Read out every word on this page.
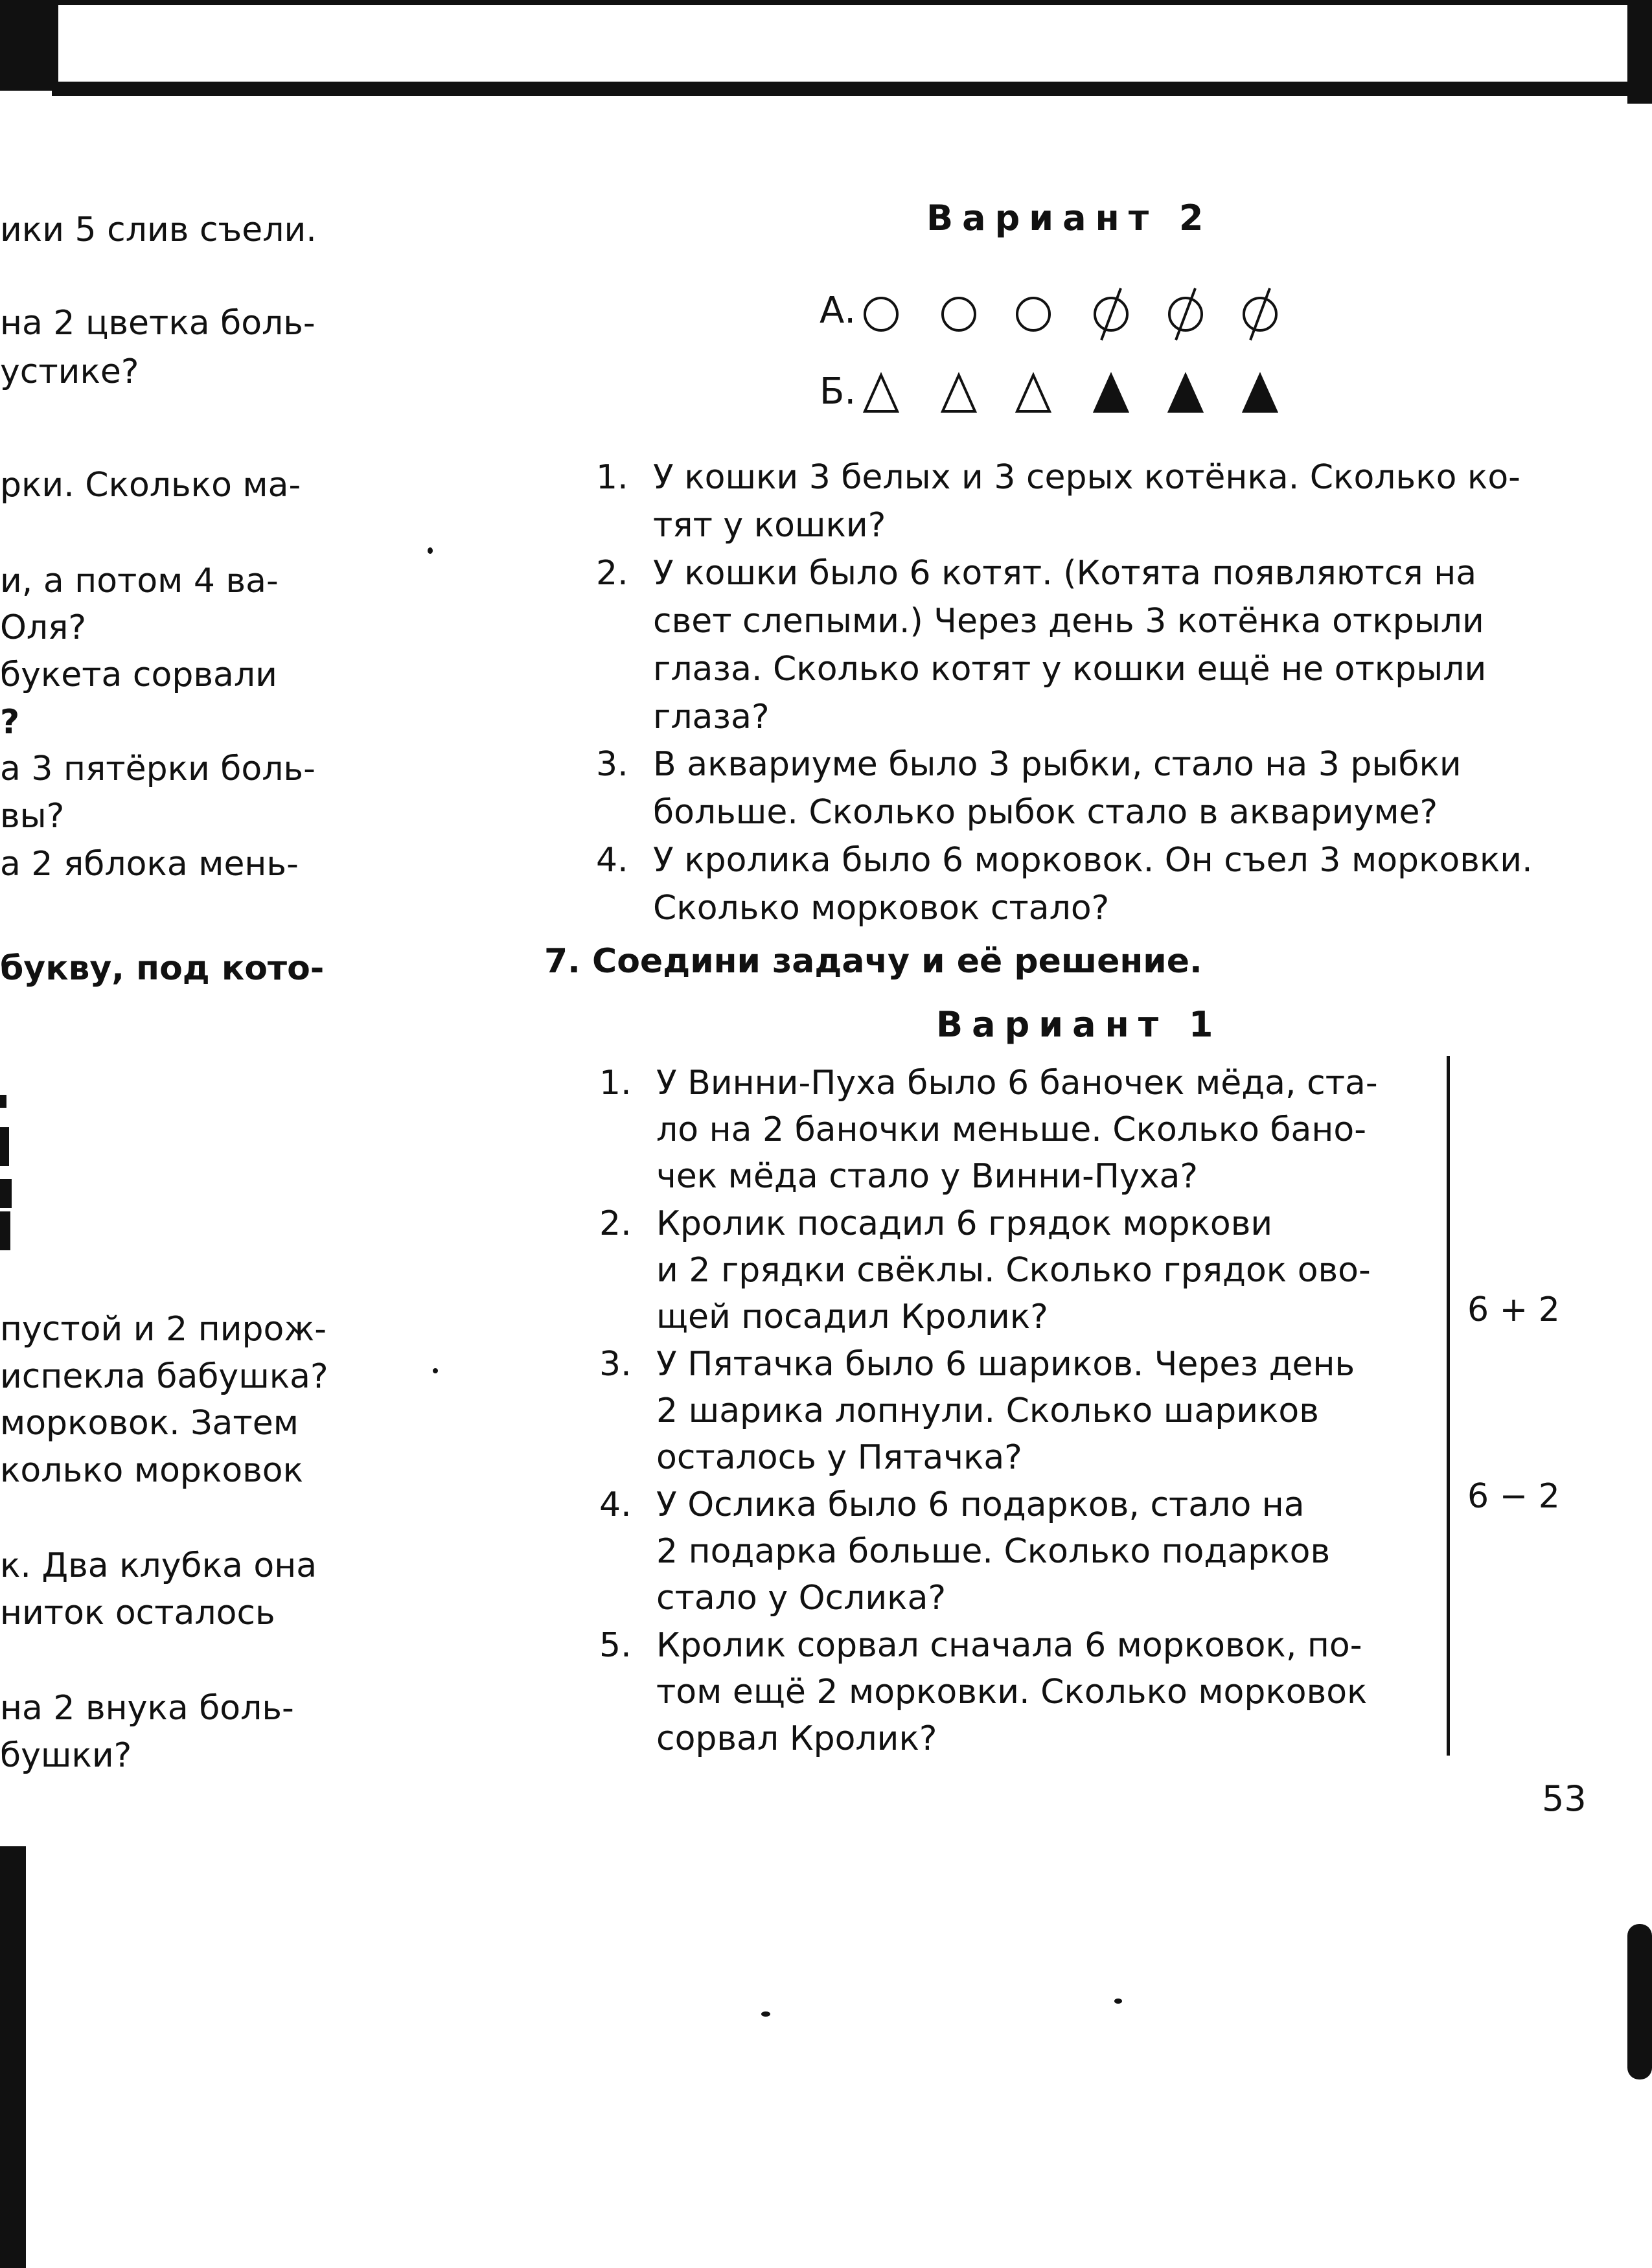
ики 5 слив съели.
на 2 цветка боль-
устике?
рки. Сколько ма-
и, а потом 4 ва-
Оля?
букета сорвали
?
а 3 пятёрки боль-
вы?
а 2 яблока мень-
букву, под кото-
пустой и 2 пирож-
испекла бабушка?
морковок. Затем
колько морковок
к. Два клубка она
ниток осталось
на 2 внука боль-
бушки?
Вариант 2
А.
Б.
1. У кошки 3 белых и 3 серых котёнка. Сколько ко-
тят у кошки?
2. У кошки было 6 котят. (Котята появляются на
свет слепыми.) Через день 3 котёнка открыли
глаза. Сколько котят у кошки ещё не открыли
глаза?
3. В аквариуме было 3 рыбки, стало на 3 рыбки
больше. Сколько рыбок стало в аквариуме?
4. У кролика было 6 морковок. Он съел 3 морковки.
Сколько морковок стало?
7. Соедини задачу и её решение.
Вариант 1
1. У Винни-Пуха было 6 баночек мёда, ста-
ло на 2 баночки меньше. Сколько бано-
чек мёда стало у Винни-Пуха?
2. Кролик посадил 6 грядок моркови
и 2 грядки свёклы. Сколько грядок ово-
щей посадил Кролик?
3. У Пятачка было 6 шариков. Через день
2 шарика лопнули. Сколько шариков
осталось у Пятачка?
4. У Ослика было 6 подарков, стало на
2 подарка больше. Сколько подарков
стало у Ослика?
5. Кролик сорвал сначала 6 морковок, по-
том ещё 2 морковки. Сколько морковок
сорвал Кролик?
6 + 2
6 − 2
53
